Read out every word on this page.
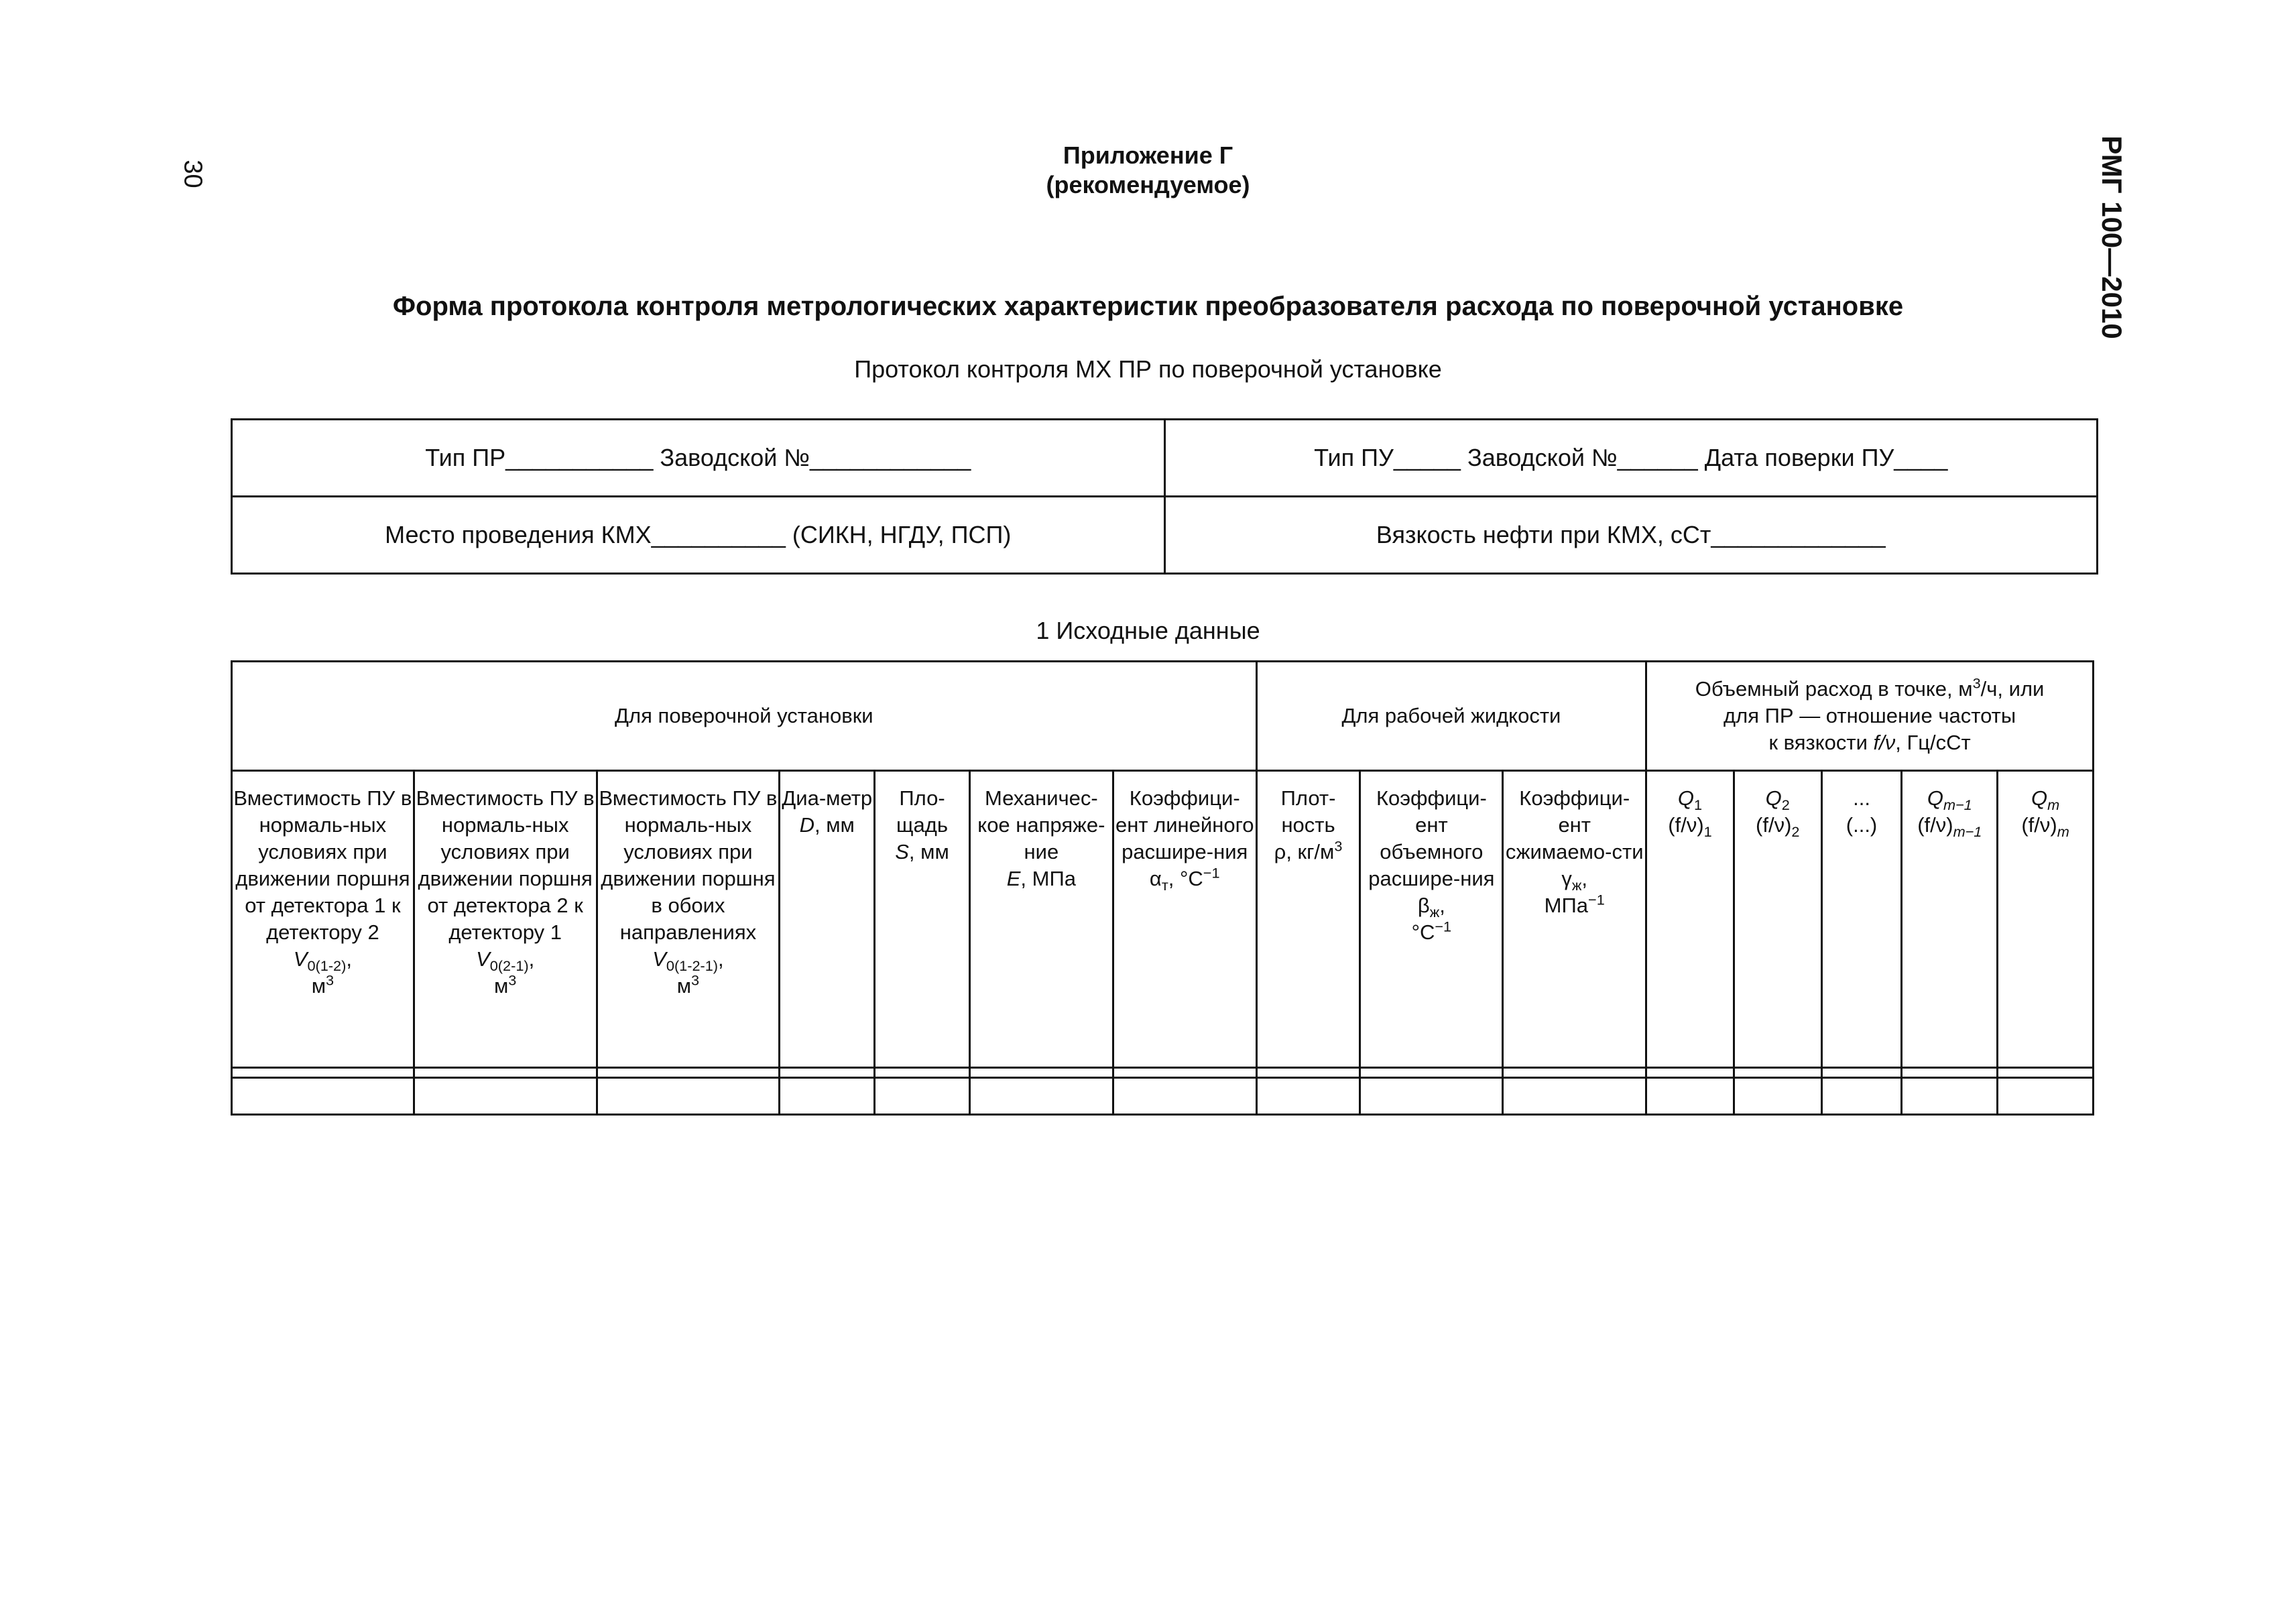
30	РМГ 100—2010
Приложение Г
(рекомендуемое)
Форма протокола контроля метрологических характеристик преобразователя расхода по поверочной установке
Протокол контроля МХ ПР по поверочной установке
Тип ПР___________ Заводской №____________	Тип ПУ_____ Заводской №______ Дата поверки ПУ____
Место проведения КМХ__________ (СИКН, НГДУ, ПСП)	Вязкость нефти при КМХ, сСт_____________
1 Исходные данные
Для поверочной установки							Для рабочей жидкости			Объемный расход в точке, $м^3/ч$, или
для ПР — отношение частоты
к вязкости f/ν, Гц/сСт				

Вместимость ПУ в нормаль-ных условиях при движении поршня от детектора 1 к детектору 2
$V_{0(1-2)}$,
$м^3$	Вместимость ПУ в нормаль-ных условиях при движении поршня от детектора 2 к детектору 1
$V_{0(2-1)}$,
$м^3$	Вместимость ПУ в нормаль-ных условиях при движении поршня в обоих направлениях
$V_{0(1-2-1)}$,
$м^3$	Диа-метр
D, мм	Пло-щадь
S, мм	Механичес-кое напряже-ние
E, МПа	Коэффици-ент линейного расшире-ния
$\alpha_т$, $^\circ С^{-1}$	Плот-ность
ρ, $кг/м^3$	Коэффици-ент объемного расшире-ния
$\beta_ж$,
$^\circ С^{-1}$	Коэффици-ент сжимаемо-сти
$\gamma_ж$,
МПа$^{-1}$	$Q_1$
$(f/\nu)_1$	$Q_2$
$(f/\nu)_2$	...
(...)	$Q_{m-1}$
$(f/\nu)_{m-1}$	$Q_m$
$(f/\nu)_m$
